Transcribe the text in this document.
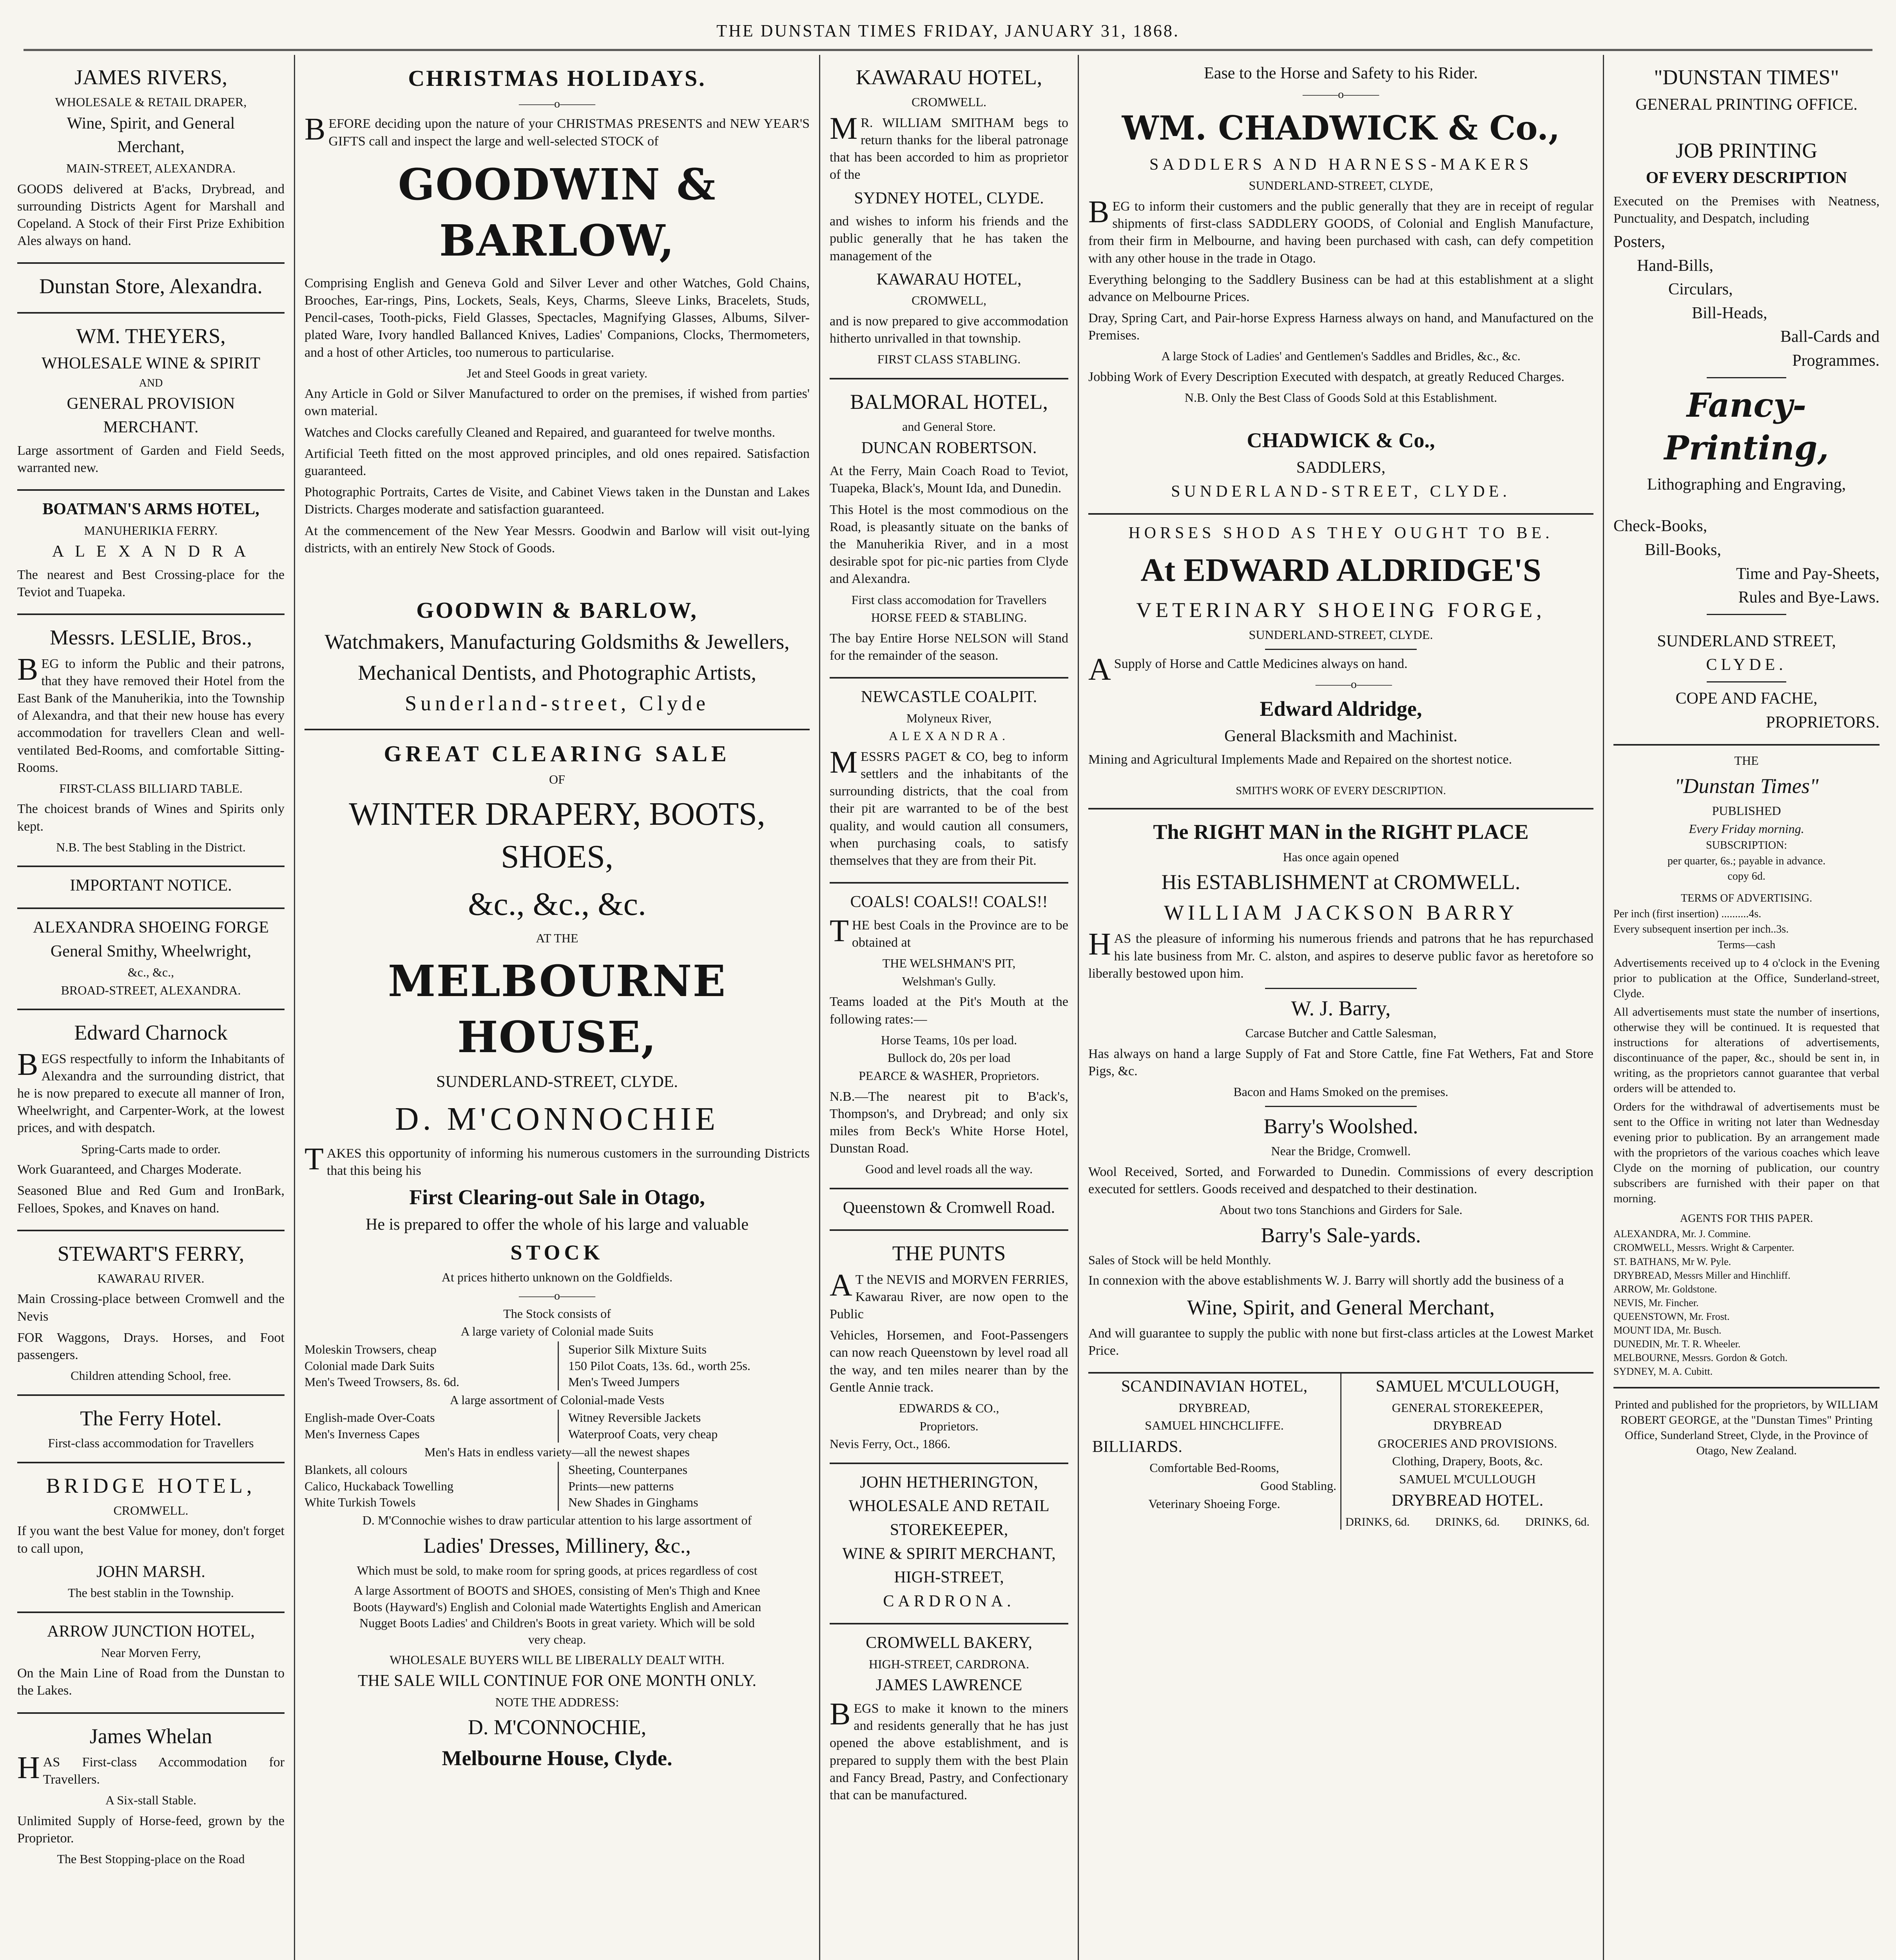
THE DUNSTAN TIMES FRIDAY, JANUARY 31, 1868.
JAMES RIVERS,
WHOLESALE & RETAIL DRAPER,
Wine, Spirit, and General
Merchant,
MAIN-STREET, ALEXANDRA.
GOODS delivered at B'acks, Drybread, and surrounding Districts Agent for Marshall and Copeland. A Stock of their First Prize Exhibition Ales always on hand.
Dunstan Store, Alexandra.
WM. THEYERS,
WHOLESALE WINE & SPIRIT
AND
GENERAL PROVISION
MERCHANT.
Large assortment of Garden and Field Seeds, warranted new.
BOATMAN'S ARMS HOTEL,
MANUHERIKIA FERRY.
A L E X A N D R A
The nearest and Best Crossing-place for the Teviot and Tuapeka.
Messrs. LESLIE, Bros.,
BEG to inform the Public and their patrons, that they have removed their Hotel from the East Bank of the Manuherikia, into the Township of Alexandra, and that their new house has every accommodation for travellers Clean and well-ventilated Bed-Rooms, and comfortable Sitting-Rooms.
FIRST-CLASS BILLIARD TABLE.
The choicest brands of Wines and Spirits only kept.
N.B. The best Stabling in the District.
IMPORTANT NOTICE.
ALEXANDRA SHOEING FORGE
General Smithy, Wheelwright,
&c., &c.,
BROAD-STREET, ALEXANDRA.
Edward Charnock
BEGS respectfully to inform the Inhabitants of Alexandra and the surrounding district, that he is now prepared to execute all manner of Iron, Wheelwright, and Carpenter-Work, at the lowest prices, and with despatch.
Spring-Carts made to order.
Work Guaranteed, and Charges Moderate.
Seasoned Blue and Red Gum and IronBark, Felloes, Spokes, and Knaves on hand.
STEWART'S FERRY,
KAWARAU RIVER.
Main Crossing-place between Cromwell and the Nevis
FOR Waggons, Drays. Horses, and Foot passengers.
Children attending School, free.
The Ferry Hotel.
First-class accommodation for Travellers
BRIDGE HOTEL,
CROMWELL.
If you want the best Value for money, don't forget to call upon,
JOHN MARSH.
The best stablin in the Township.
ARROW JUNCTION HOTEL,
Near Morven Ferry,
On the Main Line of Road from the Dunstan to the Lakes.
James Whelan
HAS First-class Accommodation for Travellers.
A Six-stall Stable.
Unlimited Supply of Horse-feed, grown by the Proprietor.
The Best Stopping-place on the Road
CHRISTMAS HOLIDAYS.
———o———
BEFORE deciding upon the nature of your CHRISTMAS PRESENTS and NEW YEAR'S GIFTS call and inspect the large and well-selected STOCK of
GOODWIN & BARLOW,
Comprising English and Geneva Gold and Silver Lever and other Watches, Gold Chains, Brooches, Ear-rings, Pins, Lockets, Seals, Keys, Charms, Sleeve Links, Bracelets, Studs, Pencil-cases, Tooth-picks, Field Glasses, Spectacles, Magnifying Glasses, Albums, Silver-plated Ware, Ivory handled Ballanced Knives, Ladies' Companions, Clocks, Thermometers, and a host of other Articles, too numerous to particularise.
Jet and Steel Goods in great variety.
Any Article in Gold or Silver Manufactured to order on the premises, if wished from parties' own material.
Watches and Clocks carefully Cleaned and Repaired, and guaranteed for twelve months.
Artificial Teeth fitted on the most approved principles, and old ones repaired. Satisfaction guaranteed.
Photographic Portraits, Cartes de Visite, and Cabinet Views taken in the Dunstan and Lakes Districts. Charges moderate and satisfaction guaranteed.
At the commencement of the New Year Messrs. Goodwin and Barlow will visit out-lying districts, with an entirely New Stock of Goods.
GOODWIN & BARLOW,
Watchmakers, Manufacturing Goldsmiths & Jewellers,
Mechanical Dentists, and Photographic Artists,
Sunderland-street, Clyde
GREAT CLEARING SALE
OF
WINTER DRAPERY, BOOTS, SHOES,
&c., &c., &c.
AT THE
MELBOURNE HOUSE,
SUNDERLAND-STREET, CLYDE.
D. M'CONNOCHIE
TAKES this opportunity of informing his numerous customers in the surrounding Districts that this being his
First Clearing-out Sale in Otago,
He is prepared to offer the whole of his large and valuable
STOCK
At prices hitherto unknown on the Goldfields.
———o———
The Stock consists of
A large variety of Colonial made Suits
Moleskin Trowsers, cheap
Colonial made Dark Suits
Men's Tweed Trowsers, 8s. 6d.
Superior Silk Mixture Suits
150 Pilot Coats, 13s. 6d., worth 25s.
Men's Tweed Jumpers
A large assortment of Colonial-made Vests
English-made Over-Coats
Men's Inverness Capes
Witney Reversible Jackets
Waterproof Coats, very cheap
Men's Hats in endless variety—all the newest shapes
Blankets, all colours
Calico, Huckaback Towelling
White Turkish Towels
Sheeting, Counterpanes
Prints—new patterns
New Shades in Ginghams
D. M'Connochie wishes to draw particular attention to his large assortment of
Ladies' Dresses, Millinery, &c.,
Which must be sold, to make room for spring goods, at prices regardless of cost
A large Assortment of BOOTS and SHOES, consisting of Men's Thigh and Knee Boots (Hayward's) English and Colonial made Watertights English and American Nugget Boots Ladies' and Children's Boots in great variety. Which will be sold very cheap.
WHOLESALE BUYERS WILL BE LIBERALLY DEALT WITH.
THE SALE WILL CONTINUE FOR ONE MONTH ONLY.
NOTE THE ADDRESS:
D. M'CONNOCHIE,
Melbourne House, Clyde.
KAWARAU HOTEL,
CROMWELL.
MR. WILLIAM SMITHAM begs to return thanks for the liberal patronage that has been accorded to him as proprietor of the
SYDNEY HOTEL, CLYDE.
and wishes to inform his friends and the public generally that he has taken the management of the
KAWARAU HOTEL,
CROMWELL,
and is now prepared to give accommodation hitherto unrivalled in that township.
FIRST CLASS STABLING.
BALMORAL HOTEL,
and General Store.
DUNCAN ROBERTSON.
At the Ferry, Main Coach Road to Teviot, Tuapeka, Black's, Mount Ida, and Dunedin.
This Hotel is the most commodious on the Road, is pleasantly situate on the banks of the Manuherikia River, and in a most desirable spot for pic-nic parties from Clyde and Alexandra.
First class accomodation for Travellers
HORSE FEED & STABLING.
The bay Entire Horse NELSON will Stand for the remainder of the season.
NEWCASTLE COALPIT.
Molyneux River,
ALEXANDRA.
MESSRS PAGET & CO, beg to inform settlers and the inhabitants of the surrounding districts, that the coal from their pit are warranted to be of the best quality, and would caution all consumers, when purchasing coals, to satisfy themselves that they are from their Pit.
COALS! COALS!! COALS!!
THE best Coals in the Province are to be obtained at
THE WELSHMAN'S PIT,
Welshman's Gully.
Teams loaded at the Pit's Mouth at the following rates:—
Horse Teams, 10s per load.
Bullock do, 20s per load
PEARCE & WASHER, Proprietors.
N.B.—The nearest pit to B'ack's, Thompson's, and Drybread; and only six miles from Beck's White Horse Hotel, Dunstan Road.
Good and level roads all the way.
Queenstown & Cromwell Road.
THE PUNTS
AT the NEVIS and MORVEN FERRIES, Kawarau River, are now open to the Public
Vehicles, Horsemen, and Foot-Passengers can now reach Queenstown by level road all the way, and ten miles nearer than by the Gentle Annie track.
EDWARDS & CO.,
Proprietors.
Nevis Ferry, Oct., 1866.
JOHN HETHERINGTON,
WHOLESALE AND RETAIL
STOREKEEPER,
WINE & SPIRIT MERCHANT,
HIGH-STREET,
CARDRONA.
CROMWELL BAKERY,
HIGH-STREET, CARDRONA.
JAMES LAWRENCE
BEGS to make it known to the miners and residents generally that he has just opened the above establishment, and is prepared to supply them with the best Plain and Fancy Bread, Pastry, and Confectionary that can be manufactured.
Ease to the Horse and Safety to his Rider.
———o———
WM. CHADWICK & Co.,
SADDLERS AND HARNESS-MAKERS
SUNDERLAND-STREET, CLYDE,
BEG to inform their customers and the public generally that they are in receipt of regular shipments of first-class SADDLERY GOODS, of Colonial and English Manufacture, from their firm in Melbourne, and having been purchased with cash, can defy competition with any other house in the trade in Otago.
Everything belonging to the Saddlery Business can be had at this establishment at a slight advance on Melbourne Prices.
Dray, Spring Cart, and Pair-horse Express Harness always on hand, and Manufactured on the Premises.
A large Stock of Ladies' and Gentlemen's Saddles and Bridles, &c., &c.
Jobbing Work of Every Description Executed with despatch, at greatly Reduced Charges.
N.B. Only the Best Class of Goods Sold at this Establishment.
CHADWICK & Co.,
SADDLERS,
SUNDERLAND-STREET, CLYDE.
HORSES SHOD AS THEY OUGHT TO BE.
At EDWARD ALDRIDGE'S
VETERINARY SHOEING FORGE,
SUNDERLAND-STREET, CLYDE.
ASupply of Horse and Cattle Medicines always on hand.
———o———
Edward Aldridge,
General Blacksmith and Machinist.
Mining and Agricultural Implements Made and Repaired on the shortest notice.
SMITH'S WORK OF EVERY DESCRIPTION.
The RIGHT MAN in the RIGHT PLACE
Has once again opened
His ESTABLISHMENT at CROMWELL.
WILLIAM JACKSON BARRY
HAS the pleasure of informing his numerous friends and patrons that he has repurchased his late business from Mr. C. alston, and aspires to deserve public favor as heretofore so liberally bestowed upon him.
W. J. Barry,
Carcase Butcher and Cattle Salesman,
Has always on hand a large Supply of Fat and Store Cattle, fine Fat Wethers, Fat and Store Pigs, &c.
Bacon and Hams Smoked on the premises.
Barry's Woolshed.
Near the Bridge, Cromwell.
Wool Received, Sorted, and Forwarded to Dunedin. Commissions of every description executed for settlers. Goods received and despatched to their destination.
About two tons Stanchions and Girders for Sale.
Barry's Sale-yards.
Sales of Stock will be held Monthly.
In connexion with the above establishments W. J. Barry will shortly add the business of a
Wine, Spirit, and General Merchant,
And will guarantee to supply the public with none but first-class articles at the Lowest Market Price.
SCANDINAVIAN HOTEL,
DRYBREAD,
SAMUEL HINCHCLIFFE.
BILLIARDS.
Comfortable Bed-Rooms,
Good Stabling.
Veterinary Shoeing Forge.
SAMUEL M'CULLOUGH,
GENERAL STOREKEEPER,
DRYBREAD
GROCERIES AND PROVISIONS.
Clothing, Drapery, Boots, &c.
SAMUEL M'CULLOUGH
DRYBREAD HOTEL.
DRINKS, 6d. DRINKS, 6d. DRINKS, 6d.
"DUNSTAN TIMES"
GENERAL PRINTING OFFICE.
JOB PRINTING
OF EVERY DESCRIPTION
Executed on the Premises with Neatness, Punctuality, and Despatch, including
Posters,
Hand-Bills,
Circulars,
Bill-Heads,
Ball-Cards and
Programmes.
Fancy-Printing,
Lithographing and Engraving,
Check-Books,
Bill-Books,
Time and Pay-Sheets,
Rules and Bye-Laws.
SUNDERLAND STREET,
CLYDE.
COPE AND FACHE,
PROPRIETORS.
THE
"Dunstan Times"
PUBLISHED
Every Friday morning.
SUBSCRIPTION:
per quarter, 6s.; payable in advance.
copy 6d.
TERMS OF ADVERTISING.
Per inch (first insertion) ..........4s.
Every subsequent insertion per inch..3s.
Terms—cash
Advertisements received up to 4 o'clock in the Evening prior to publication at the Office, Sunderland-street, Clyde.
All advertisements must state the number of insertions, otherwise they will be continued. It is requested that instructions for alterations of advertisements, discontinuance of the paper, &c., should be sent in, in writing, as the proprietors cannot guarantee that verbal orders will be attended to.
Orders for the withdrawal of advertisements must be sent to the Office in writing not later than Wednesday evening prior to publication. By an arrangement made with the proprietors of the various coaches which leave Clyde on the morning of publication, our country subscribers are furnished with their paper on that morning.
AGENTS FOR THIS PAPER.
ALEXANDRA, Mr. J. Commine.
CROMWELL, Messrs. Wright & Carpenter.
ST. BATHANS, Mr W. Pyle.
DRYBREAD, Messrs Miller and Hinchliff.
ARROW, Mr. Goldstone.
NEVIS, Mr. Fincher.
QUEENSTOWN, Mr. Frost.
MOUNT IDA, Mr. Busch.
DUNEDIN, Mr. T. R. Wheeler.
MELBOURNE, Messrs. Gordon & Gotch.
SYDNEY, M. A. Cubitt.
Printed and published for the proprietors, by WILLIAM ROBERT GEORGE, at the "Dunstan Times" Printing Office, Sunderland Street, Clyde, in the Province of Otago, New Zealand.
